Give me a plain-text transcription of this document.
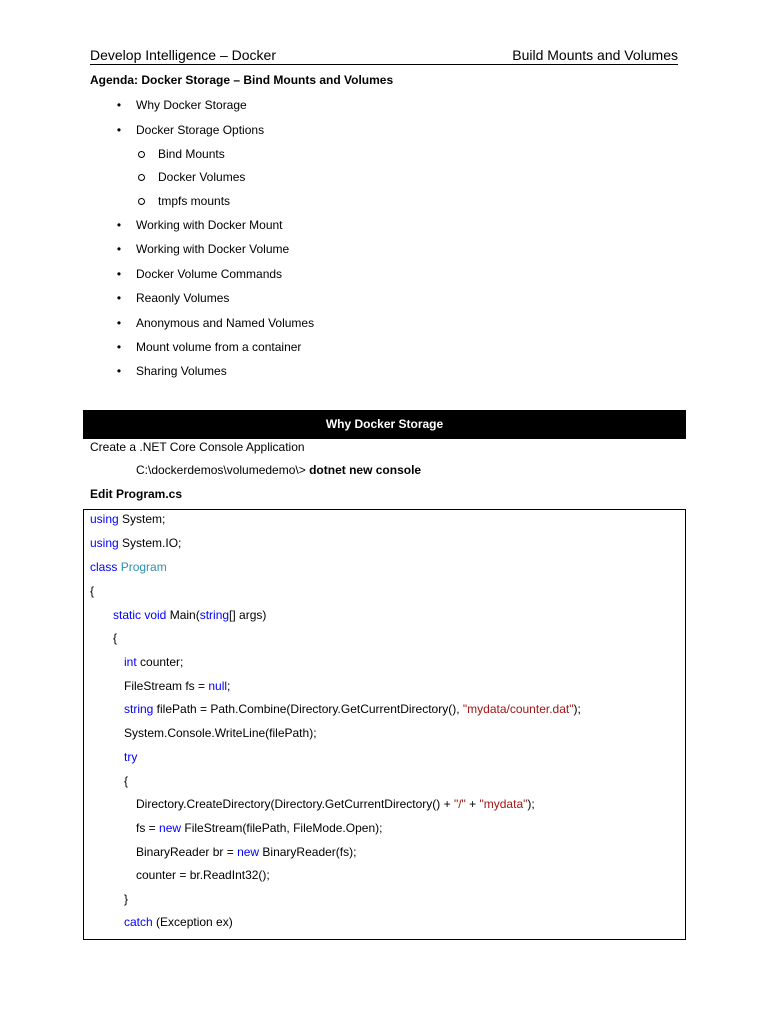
Develop Intelligence – Docker	Build Mounts and Volumes
Agenda: Docker Storage – Bind Mounts and Volumes
• Why Docker Storage
• Docker Storage Options
Bind Mounts
Docker Volumes
tmpfs mounts
• Working with Docker Mount
• Working with Docker Volume
• Docker Volume Commands
• Reaonly Volumes
• Anonymous and Named Volumes
• Mount volume from a container
• Sharing Volumes
Why Docker Storage
Create a .NET Core Console Application
C:\dockerdemos\volumedemo\> dotnet new console
Edit Program.cs
using System;
using System.IO;
class Program
{
static void Main(string[] args)
{
int counter;
FileStream fs = null;
string filePath = Path.Combine(Directory.GetCurrentDirectory(), "mydata/counter.dat");
System.Console.WriteLine(filePath);
try
{
Directory.CreateDirectory(Directory.GetCurrentDirectory() + "/" + "mydata");
fs = new FileStream(filePath, FileMode.Open);
BinaryReader br = new BinaryReader(fs);
counter = br.ReadInt32();
}
catch (Exception ex)
